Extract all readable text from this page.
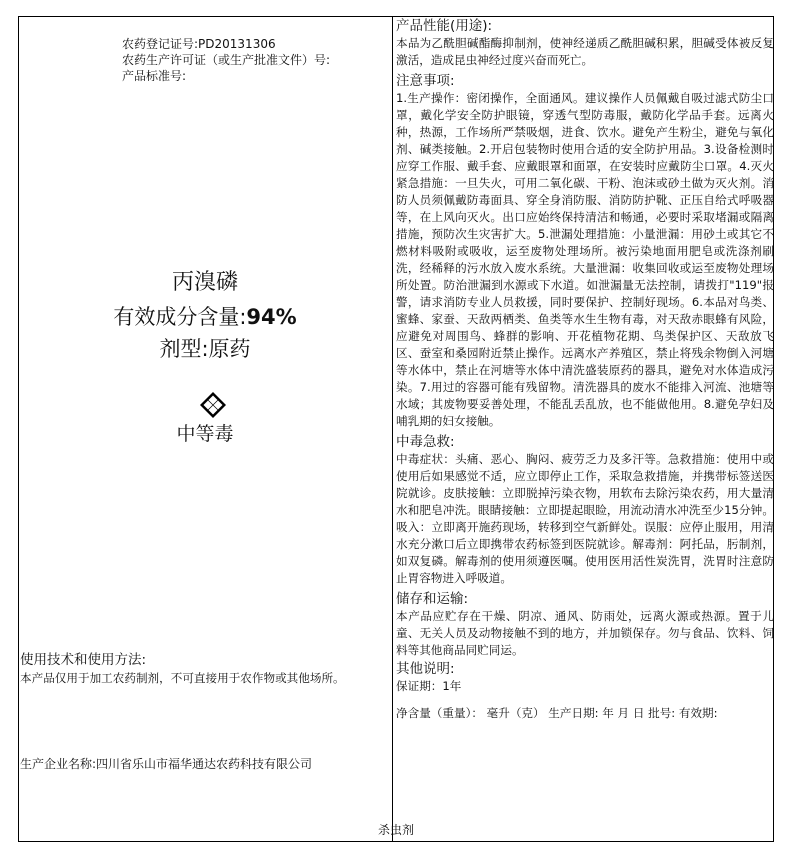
农药登记证号:PD20131306
农药生产许可证（或生产批准文件）号:
产品标准号:
丙溴磷
有效成分含量:94%
剂型:原药
中等毒
使用技术和使用方法:
本产品仅用于加工农药制剂，不可直接用于农作物或其他场所。
生产企业名称:四川省乐山市福华通达农药科技有限公司

产品性能(用途):

本品为乙酰胆碱酯酶抑制剂，使神经递质乙酰胆碱积累，胆碱受体被反复激活，造成昆虫神经过度兴奋而死亡。

注意事项:

1.生产操作：密闭操作，全面通风。建议操作人员佩戴自吸过滤式防尘口罩，戴化学安全防护眼镜，穿透气型防毒服，戴防化学品手套。远离火种，热源，工作场所严禁吸烟，进食、饮水。避免产生粉尘，避免与氧化剂、碱类接触。2.开启包装物时使用合适的安全防护用品。3.设备检测时应穿工作服、戴手套、应戴眼罩和面罩，在安装时应戴防尘口罩。4.灭火紧急措施：一旦失火，可用二氧化碳、干粉、泡沫或砂土做为灭火剂。消防人员须佩戴防毒面具、穿全身消防服、消防防护靴、正压自给式呼吸器等，在上风向灭火。出口应始终保持清洁和畅通，必要时采取堵漏或隔离措施，预防次生灾害扩大。5.泄漏处理措施：小量泄漏：用砂土或其它不燃材料吸附或吸收，运至废物处理场所。被污染地面用肥皂或洗涤剂刷洗，经稀释的污水放入废水系统。大量泄漏：收集回收或运至废物处理场所处置。防治泄漏到水源或下水道。如泄漏量无法控制，请拨打"119"报警，请求消防专业人员救援，同时要保护、控制好现场。6.本品对鸟类、蜜蜂、家蚕、天敌两栖类、鱼类等水生生物有毒，对天敌赤眼蜂有风险，应避免对周围鸟、蜂群的影响、开花植物花期、鸟类保护区、天敌放飞区、蚕室和桑园附近禁止操作。远离水产养殖区，禁止将残余物倒入河塘等水体中，禁止在河塘等水体中清洗盛装原药的器具，避免对水体造成污染。7.用过的容器可能有残留物。清洗器具的废水不能排入河流、池塘等水域；其废物要妥善处理，不能乱丢乱放，也不能做他用。8.避免孕妇及哺乳期的妇女接触。

中毒急救:

中毒症状：头痛、恶心、胸闷、疲劳乏力及多汗等。急救措施：使用中或使用后如果感觉不适，应立即停止工作，采取急救措施，并携带标签送医院就诊。皮肤接触：立即脱掉污染衣物，用软布去除污染农药，用大量清水和肥皂冲洗。眼睛接触：立即提起眼睑，用流动清水冲洗至少15分钟。吸入：立即离开施药现场，转移到空气新鲜处。误服：应停止服用，用清水充分漱口后立即携带农药标签到医院就诊。解毒剂：阿托品，肟制剂，如双复磷。解毒剂的使用须遵医嘱。使用医用活性炭洗胃，洗胃时注意防止胃容物进入呼吸道。

储存和运输:

本产品应贮存在干燥、阴凉、通风、防雨处，远离火源或热源。置于儿童、无关人员及动物接触不到的地方，并加锁保存。勿与食品、饮料、饲料等其他商品同贮同运。

其他说明:

保证期：1年

净含量（重量）： 毫升（克） 生产日期: 年 月 日 批号: 有效期:

杀虫剂
